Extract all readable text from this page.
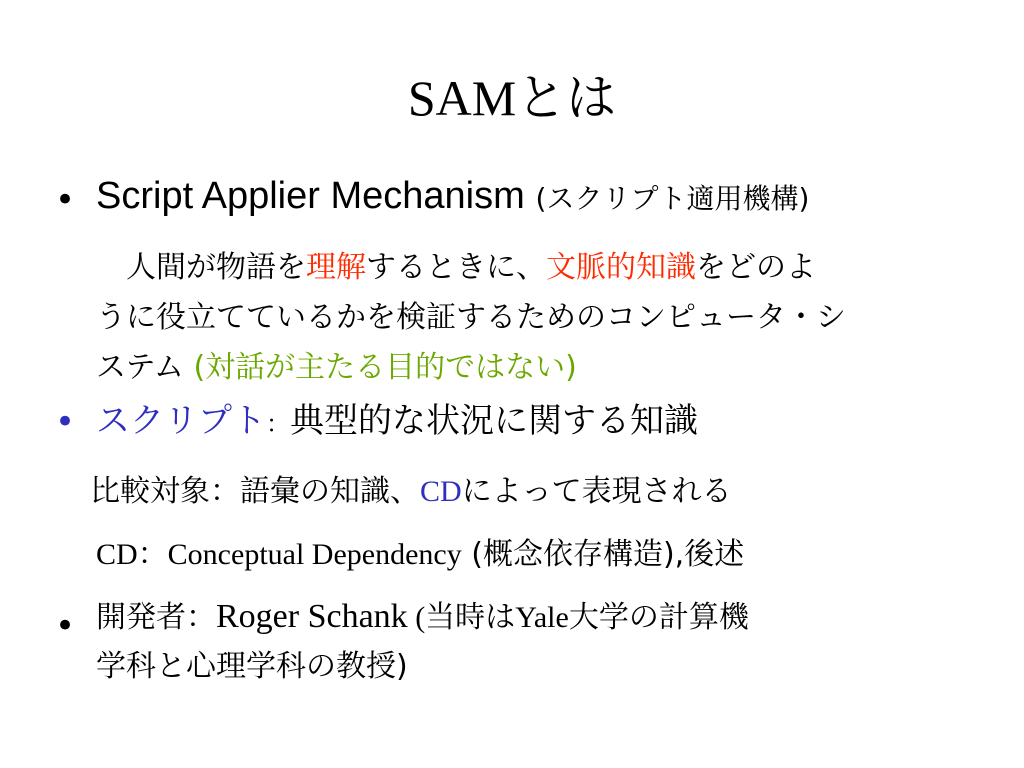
SAMとは
• Script Applier Mechanism (スクリプト適用機構)
　人間が物語を理解するときに、文脈的知識をどのよ
うに役立てているかを検証するためのコンピュータ・シ
ステム (対話が主たる目的ではない)
• スクリプト：典型的な状況に関する知識
比較対象：語彙の知識、CDによって表現される
CD：Conceptual Dependency (概念依存構造),後述
• 開発者：Roger Schank (当時はYale大学の計算機
学科と心理学科の教授)
